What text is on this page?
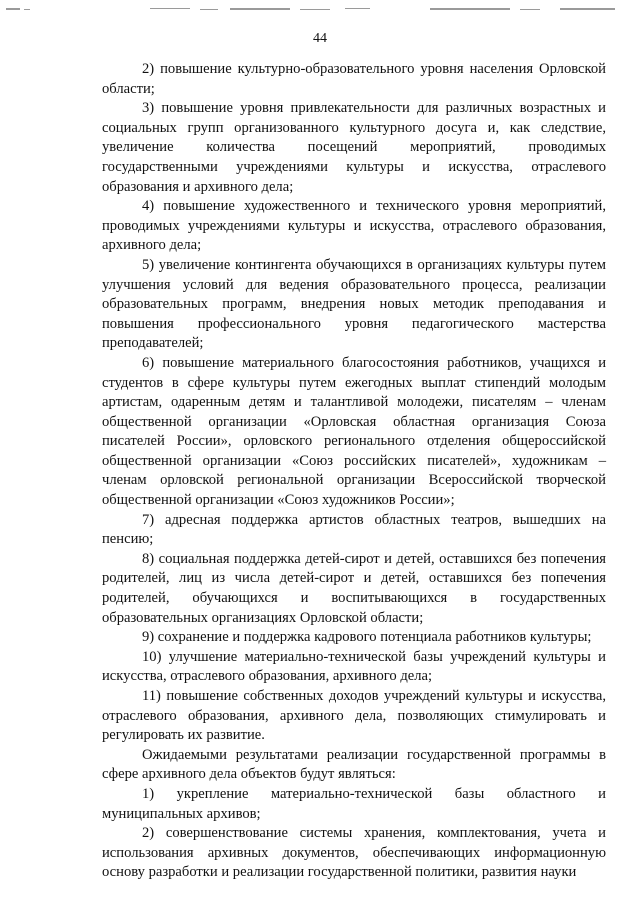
44

2) повышение культурно-образовательного уровня населения Орловской области;

3) повышение уровня привлекательности для различных возрастных и социальных групп организованного культурного досуга и, как следствие, увеличение количества посещений мероприятий, проводимых государственными учреждениями культуры и искусства, отраслевого образования и архивного дела;

4) повышение художественного и технического уровня мероприятий, проводимых учреждениями культуры и искусства, отраслевого образования, архивного дела;

5) увеличение контингента обучающихся в организациях культуры путем улучшения условий для ведения образовательного процесса, реализации образовательных программ, внедрения новых методик преподавания и повышения профессионального уровня педагогического мастерства преподавателей;

6) повышение материального благосостояния работников, учащихся и студентов в сфере культуры путем ежегодных выплат стипендий молодым артистам, одаренным детям и талантливой молодежи, писателям – членам общественной организации «Орловская областная организация Союза писателей России», орловского регионального отделения общероссийской общественной организации «Союз российских писателей», художникам – членам орловской региональной организации Всероссийской творческой общественной организации «Союз художников России»;

7) адресная поддержка артистов областных театров, вышедших на пенсию;

8) социальная поддержка детей-сирот и детей, оставшихся без попечения родителей, лиц из числа детей-сирот и детей, оставшихся без попечения родителей, обучающихся и воспитывающихся в государственных образовательных организациях Орловской области;

9) сохранение и поддержка кадрового потенциала работников культуры;

10) улучшение материально-технической базы учреждений культуры и искусства, отраслевого образования, архивного дела;

11) повышение собственных доходов учреждений культуры и искусства, отраслевого образования, архивного дела, позволяющих стимулировать и регулировать их развитие.

Ожидаемыми результатами реализации государственной программы в сфере архивного дела объектов будут являться:

1) укрепление материально-технической базы областного и муниципальных архивов;

2) совершенствование системы хранения, комплектования, учета и использования архивных документов, обеспечивающих информационную основу разработки и реализации государственной политики, развития науки
